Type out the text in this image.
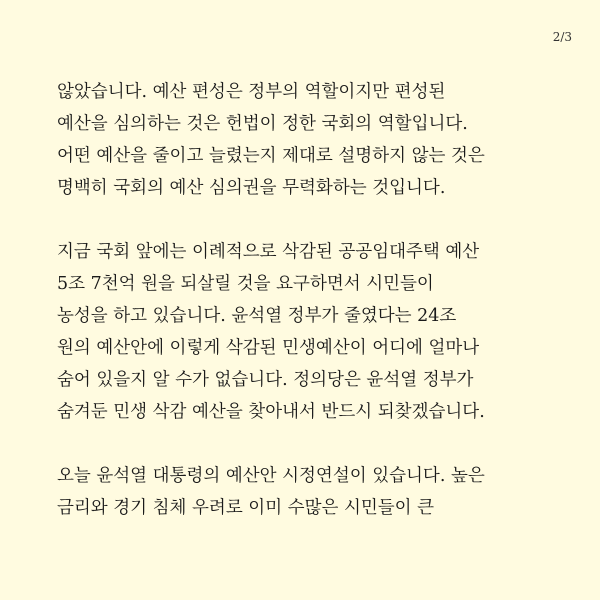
2/3
않았습니다. 예산 편성은 정부의 역할이지만 편성된
예산을 심의하는 것은 헌법이 정한 국회의 역할입니다.
어떤 예산을 줄이고 늘렸는지 제대로 설명하지 않는 것은
명백히 국회의 예산 심의권을 무력화하는 것입니다.
지금 국회 앞에는 이례적으로 삭감된 공공임대주택 예산
5조 7천억 원을 되살릴 것을 요구하면서 시민들이
농성을 하고 있습니다. 윤석열 정부가 줄였다는 24조
원의 예산안에 이렇게 삭감된 민생예산이 어디에 얼마나
숨어 있을지 알 수가 없습니다. 정의당은 윤석열 정부가
숨겨둔 민생 삭감 예산을 찾아내서 반드시 되찾겠습니다.
오늘 윤석열 대통령의 예산안 시정연설이 있습니다. 높은
금리와 경기 침체 우려로 이미 수많은 시민들이 큰
